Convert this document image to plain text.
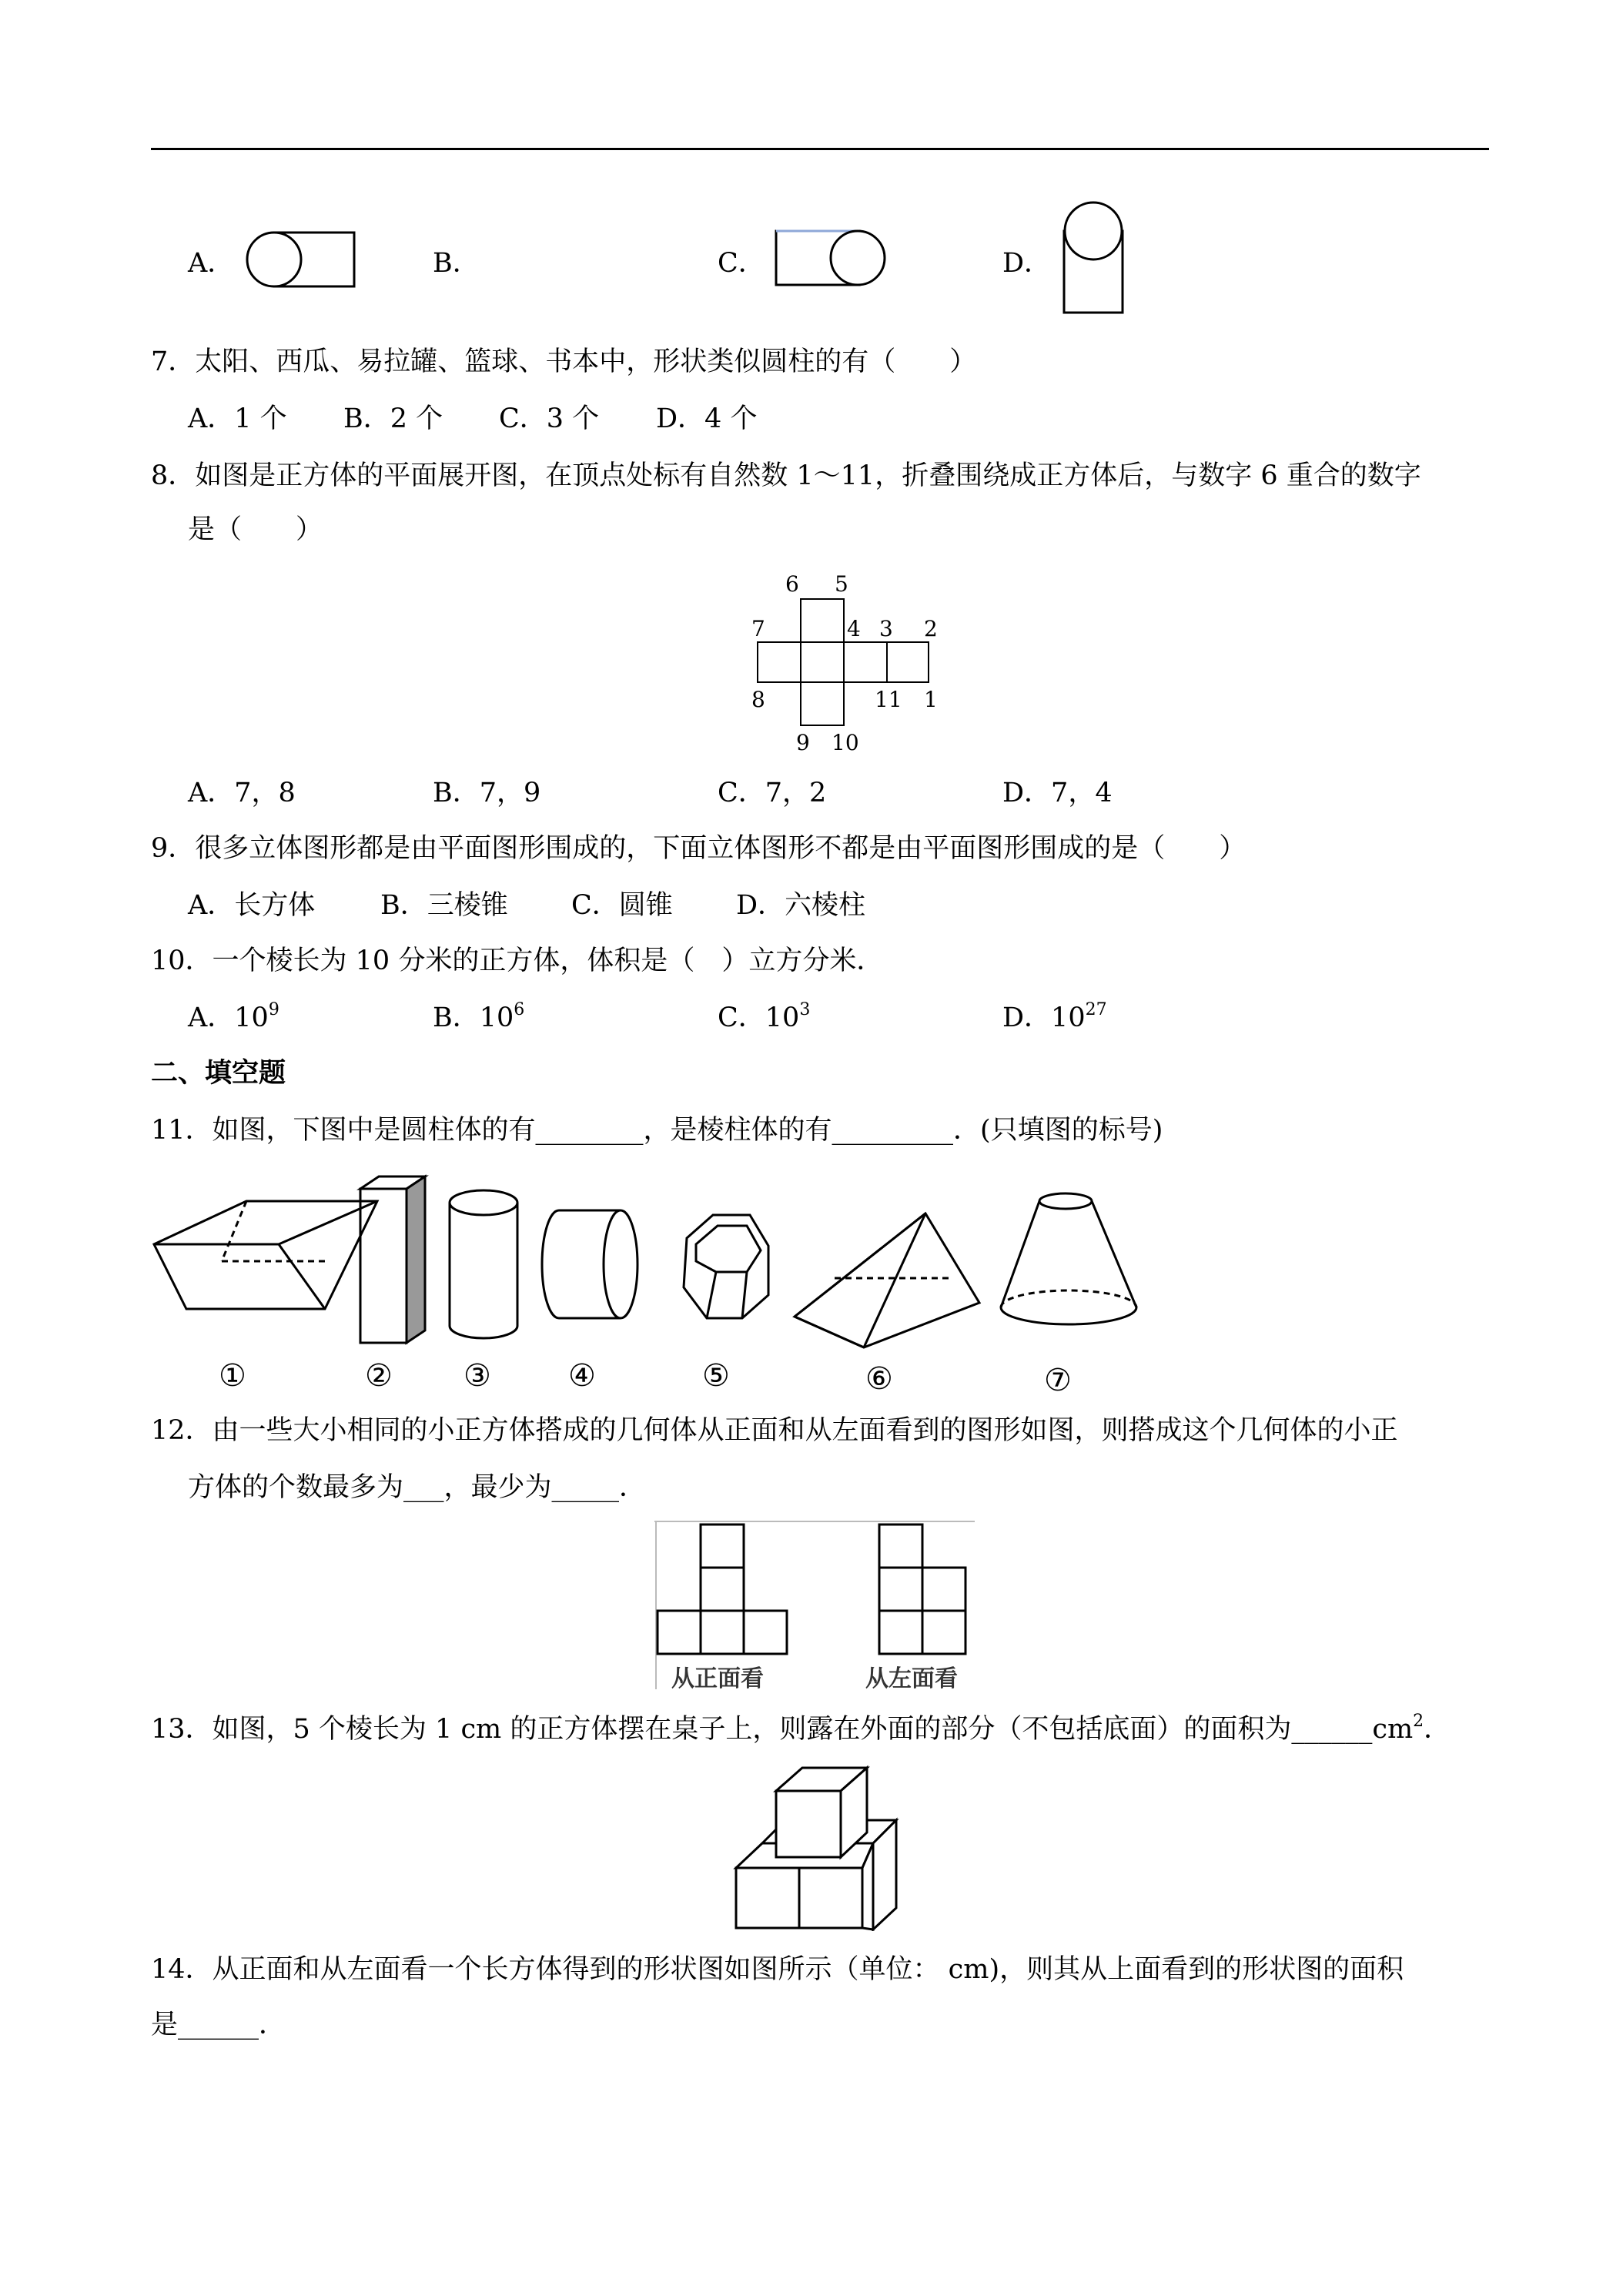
A．	B．	C．	D．
7．太阳、西瓜、易拉罐、篮球、书本中，形状类似圆柱的有（　　）
A．1 个 B．2 个 C．3 个 D．4 个
8．如图是正方体的平面展开图，在顶点处标有自然数 1～11，折叠围绕成正方体后，与数字 6 重合的数字
是（　　）
6 5
7	4 3 2
8	11 1
9 10
A．7，8	B．7，9	C．7，2	D．7，4
9．很多立体图形都是由平面图形围成的，下面立体图形不都是由平面图形围成的是（　　）
A．长方体 B．三棱锥 C．圆锥 D．六棱柱
10．一个棱长为 10 分米的正方体，体积是（　）立方分米．
A．$10^9$	B．$10^6$	C．$10^3$	D．$10^{27}$
二、填空题
11．如图，下图中是圆柱体的有________，是棱柱体的有_________．(只填图的标号)
①	② ③	④	⑤	⑥	⑦
12．由一些大小相同的小正方体搭成的几何体从正面和从左面看到的图形如图，则搭成这个几何体的小正
方体的个数最多为___，最少为_____．
从正面看	从左面看
13．如图，5 个棱长为 1 cm 的正方体摆在桌子上，则露在外面的部分（不包括底面）的面积为$\_\_\_\_\_\_cm^2$．
14．从正面和从左面看一个长方体得到的形状图如图所示（单位： cm)，则其从上面看到的形状图的面积
是______．
